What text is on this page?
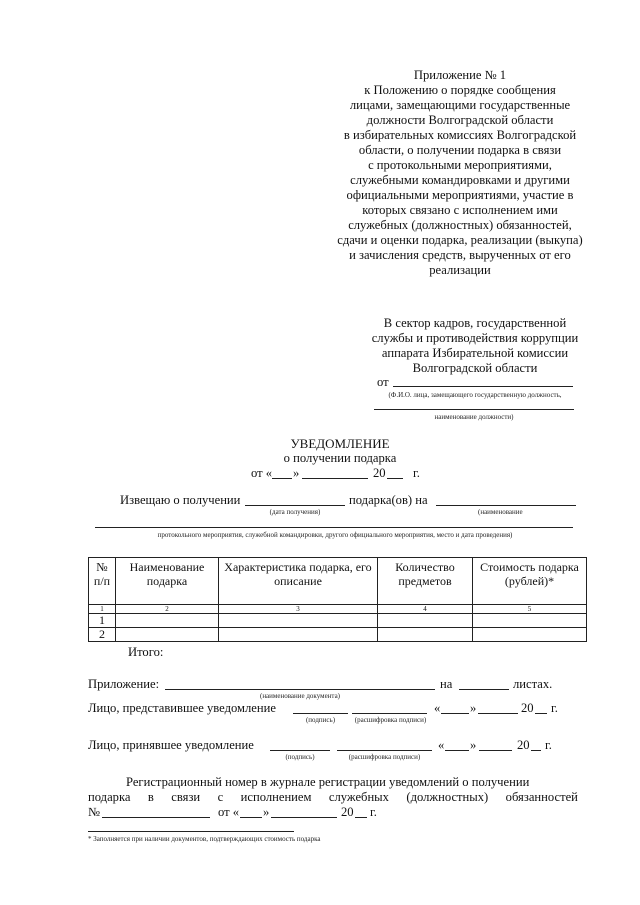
Приложение № 1
к Положению о порядке сообщения
лицами, замещающими государственные
должности Волгоградской области
в избирательных комиссиях Волгоградской
области, о получении подарка в связи
с протокольными мероприятиями,
служебными командировками и другими
официальными мероприятиями, участие в
которых связано с исполнением ими
служебных (должностных) обязанностей,
сдачи и оценки подарка, реализации (выкупа)
и зачисления средств, вырученных от его
реализации
В сектор кадров, государственной
службы и противодействия коррупции
аппарата Избирательной комиссии
Волгоградской области
от
(Ф.И.О. лица, замещающего государственную должность,
наименование должности)
УВЕДОМЛЕНИЕ
о получении подарка
от « »	20 г.
Извещаю о получении
(дата получения)
подарка(ов) на
(наименование
протокольного мероприятия, служебной командировки, другого официального мероприятия, место и дата проведения)
№ п/п	Наименование подарка	Характеристика подарка, его описание	Количество предметов	Стоимость подарка (рублей)*
1	2	3	4	5
1				
2				
Итого:
Приложение:
(наименование документа)
на	листах.
Лицо, представившее уведомление
(подпись)	(расшифровка подписи)
« »	20 г.
Лицо, принявшее уведомление
(подпись)	(расшифровка подписи)
« »	20 г.
Регистрационный номер в журнале регистрации уведомлений о получении
подарка в связи с исполнением служебных (должностных) обязанностей
№	от « »	20 г.
* Заполняется при наличии документов, подтверждающих стоимость подарка
